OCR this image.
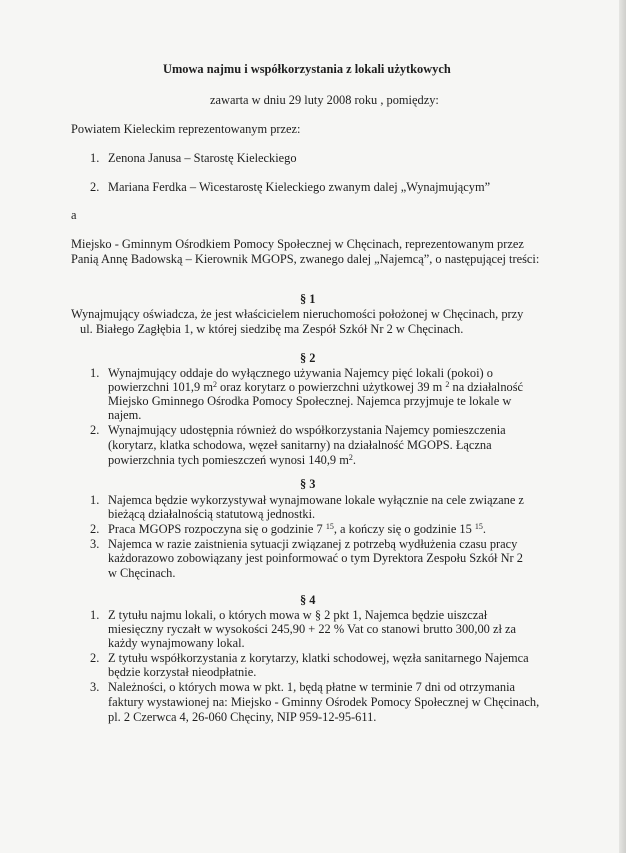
Umowa najmu i współkorzystania z lokali użytkowych
zawarta w dniu 29 luty 2008 roku , pomiędzy:
Powiatem Kieleckim reprezentowanym przez:
1. Zenona Janusa – Starostę Kieleckiego
2. Mariana Ferdka – Wicestarostę Kieleckiego zwanym dalej „Wynajmującym”
a
Miejsko - Gminnym Ośrodkiem Pomocy Społecznej w Chęcinach, reprezentowanym przez
Panią Annę Badowską – Kierownik MGOPS, zwanego dalej „Najemcą”, o następującej treści:
§ 1
Wynajmujący oświadcza, że jest właścicielem nieruchomości położonej w Chęcinach, przy
ul. Białego Zagłębia 1, w której siedzibę ma Zespół Szkół Nr 2 w Chęcinach.
§ 2
1. Wynajmujący oddaje do wyłącznego używania Najemcy pięć lokali (pokoi) o
powierzchni 101,9 $m^2$ oraz korytarz o powierzchni użytkowej 39 m $^2$ na działalność
Miejsko Gminnego Ośrodka Pomocy Społecznej. Najemca przyjmuje te lokale w
najem.
2. Wynajmujący udostępnia również do współkorzystania Najemcy pomieszczenia
(korytarz, klatka schodowa, węzeł sanitarny) na działalność MGOPS. Łączna
powierzchnia tych pomieszczeń wynosi 140,9 $m^2$.
§ 3
1. Najemca będzie wykorzystywał wynajmowane lokale wyłącznie na cele związane z
bieżącą działalnością statutową jednostki.
2. Praca MGOPS rozpoczyna się o godzinie 7 $^{15}$, a kończy się o godzinie 15 $^{15}$.
3. Najemca w razie zaistnienia sytuacji związanej z potrzebą wydłużenia czasu pracy
każdorazowo zobowiązany jest poinformować o tym Dyrektora Zespołu Szkół Nr 2
w Chęcinach.
§ 4
1. Z tytułu najmu lokali, o których mowa w § 2 pkt 1, Najemca będzie uiszczał
miesięczny ryczałt w wysokości 245,90 + 22 % Vat co stanowi brutto 300,00 zł za
każdy wynajmowany lokal.
2. Z tytułu współkorzystania z korytarzy, klatki schodowej, węzła sanitarnego Najemca
będzie korzystał nieodpłatnie.
3. Należności, o których mowa w pkt. 1, będą płatne w terminie 7 dni od otrzymania
faktury wystawionej na: Miejsko - Gminny Ośrodek Pomocy Społecznej w Chęcinach,
pl. 2 Czerwca 4, 26-060 Chęciny, NIP 959-12-95-611.
